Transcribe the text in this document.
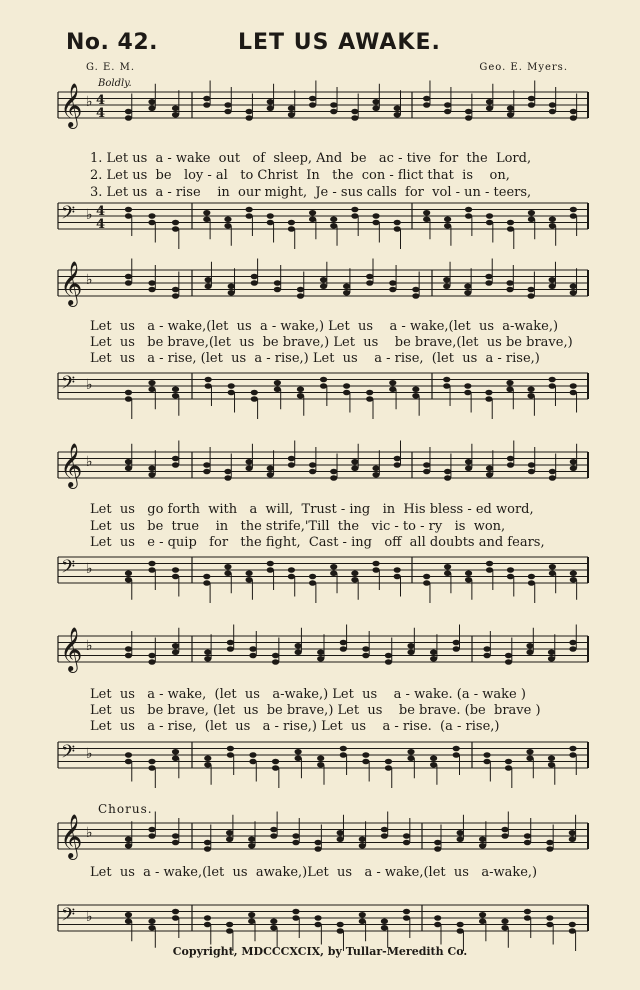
No. 42.	LET US AWAKE.
G. E. M.	Geo. E. Myers.
Boldly.
Chorus.
1. Let us  a - wake  out   of  sleep, And  be   ac - tive  for  the  Lord,
2. Let us  be   loy - al   to Christ  In   the  con - flict that  is    on,
3. Let us  a - rise    in  our might,  Je - sus calls  for  vol - un - teers,
Let  us   a - wake,(let  us  a - wake,) Let  us    a - wake,(let  us  a-wake,)
Let  us   be brave,(let  us  be brave,) Let  us    be brave,(let  us be brave,)
Let  us   a - rise, (let  us  a - rise,) Let  us    a - rise,  (let  us  a - rise,)
Let  us   go forth  with   a  will,  Trust - ing   in  His bless - ed word,
Let  us   be  true    in   the strife,'Till  the   vic - to - ry   is  won,
Let  us   e - quip   for   the fight,  Cast - ing   off  all doubts and fears,
Let  us   a - wake,  (let  us   a-wake,) Let  us    a - wake. (a - wake )
Let  us   be brave, (let  us  be brave,) Let  us    be brave. (be  brave )
Let  us   a - rise,  (let  us   a - rise,) Let  us    a - rise.  (a - rise,)
Let  us  a - wake,(let  us  awake,)Let  us   a - wake,(let  us   a-wake,)
Copyright, MDCCCXCIX, by Tullar-Meredith Co.
𝄞 ♭ 4
4
𝄞 ♭
𝄞 ♭
𝄞 ♭
𝄞 ♭
𝄢 ♭ 4
4
𝄢 ♭
𝄢 ♭
𝄢 ♭
𝄢 ♭
